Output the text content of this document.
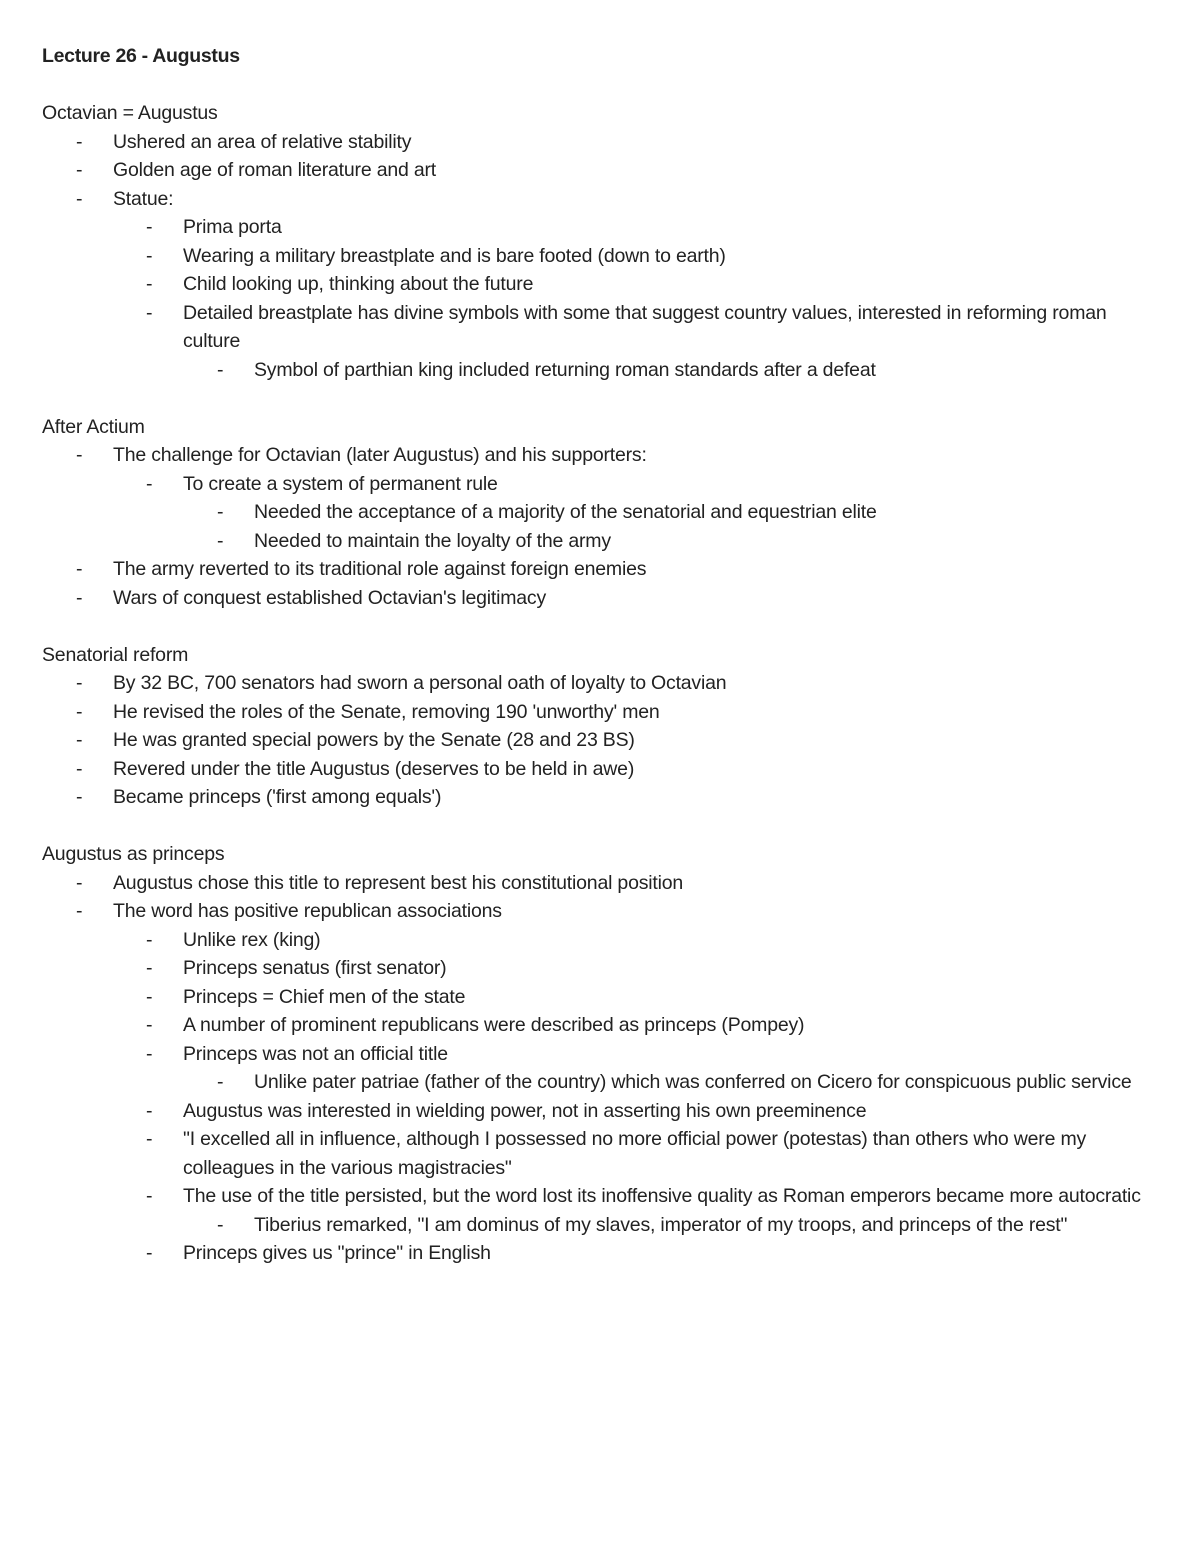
Lecture 26 - Augustus
Octavian = Augustus
- Ushered an area of relative stability
- Golden age of roman literature and art
- Statue:
- Prima porta
- Wearing a military breastplate and is bare footed (down to earth)
- Child looking up, thinking about the future
- Detailed breastplate has divine symbols with some that suggest country values, interested in reforming roman culture
- Symbol of parthian king included returning roman standards after a defeat
After Actium
- The challenge for Octavian (later Augustus) and his supporters:
- To create a system of permanent rule
- Needed the acceptance of a majority of the senatorial and equestrian elite
- Needed to maintain the loyalty of the army
- The army reverted to its traditional role against foreign enemies
- Wars of conquest established Octavian's legitimacy
Senatorial reform
- By 32 BC, 700 senators had sworn a personal oath of loyalty to Octavian
- He revised the roles of the Senate, removing 190 'unworthy' men
- He was granted special powers by the Senate (28 and 23 BS)
- Revered under the title Augustus (deserves to be held in awe)
- Became princeps ('first among equals')
Augustus as princeps
- Augustus chose this title to represent best his constitutional position
- The word has positive republican associations
- Unlike rex (king)
- Princeps senatus (first senator)
- Princeps = Chief men of the state
- A number of prominent republicans were described as princeps (Pompey)
- Princeps was not an official title
- Unlike pater patriae (father of the country) which was conferred on Cicero for conspicuous public service
- Augustus was interested in wielding power, not in asserting his own preeminence
- "I excelled all in influence, although I possessed no more official power (potestas) than others who were my colleagues in the various magistracies"
- The use of the title persisted, but the word lost its inoffensive quality as Roman emperors became more autocratic
- Tiberius remarked, "I am dominus of my slaves, imperator of my troops, and princeps of the rest"
- Princeps gives us "prince" in English
